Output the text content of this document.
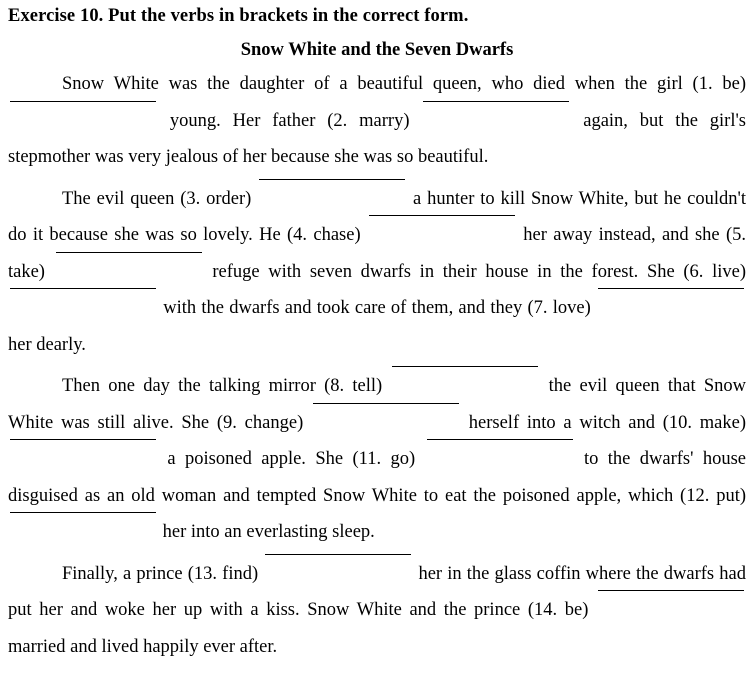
Exercise 10. Put the verbs in brackets in the correct form.

Snow White and the Seven Dwarfs

Snow White was the daughter of a beautiful queen, who died when the girl (1. be)  young. Her father (2. marry)	again, but the girl's stepmother was very jealous of her because she was so beautiful.

The evil queen (3. order)	a hunter to kill Snow White, but he couldn't do it because she was so lovely. He (4. chase)	her away instead, and she (5. take)	refuge with seven dwarfs in their house in the forest. She (6. live)  with the dwarfs and took care of them, and they (7. love)  her dearly.

Then one day the talking mirror (8. tell)	the evil queen that Snow White was still alive. She (9. change)	herself into a witch and (10. make)  a poisoned apple. She (11. go)	to the dwarfs' house disguised as an old woman and tempted Snow White to eat the poisoned apple, which (12. put)  her into an everlasting sleep.

Finally, a prince (13. find)	her in the glass coffin where the dwarfs had put her and woke her up with a kiss. Snow White and the prince (14. be)  married and lived happily ever after.
